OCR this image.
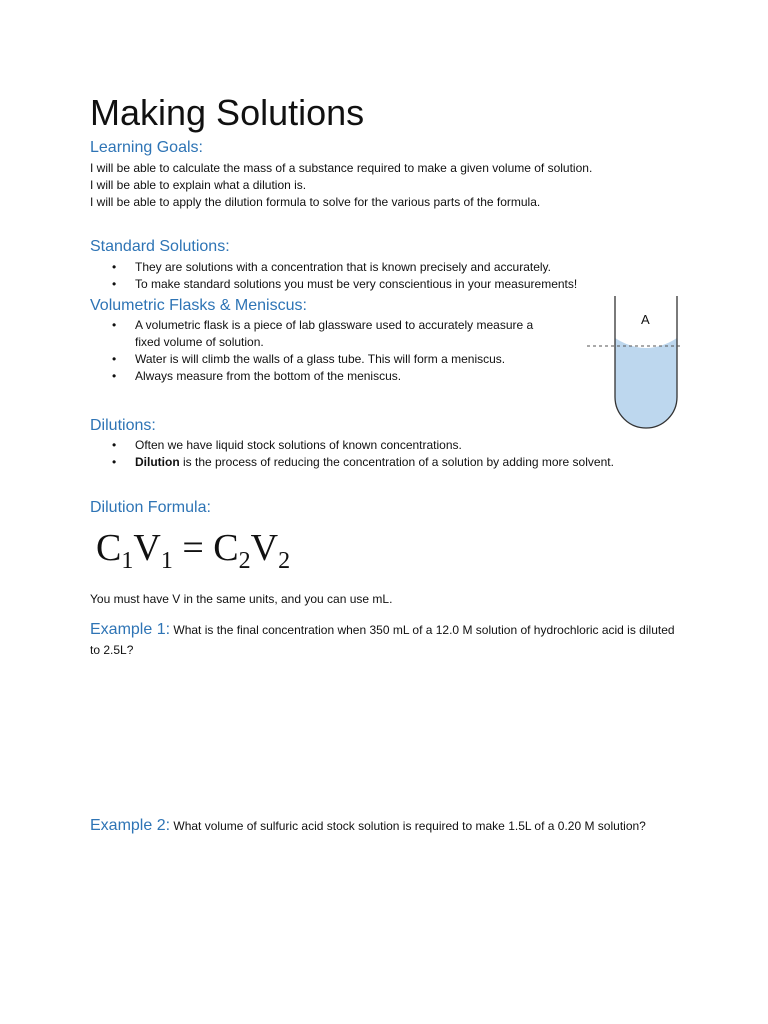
Making Solutions
Learning Goals:
I will be able to calculate the mass of a substance required to make a given volume of solution.
I will be able to explain what a dilution is.
I will be able to apply the dilution formula to solve for the various parts of the formula.
Standard Solutions:
• They are solutions with a concentration that is known precisely and accurately.
• To make standard solutions you must be very conscientious in your measurements!
Volumetric Flasks & Meniscus:
• A volumetric flask is a piece of lab glassware used to accurately measure a fixed volume of solution.
• Water is will climb the walls of a glass tube. This will form a meniscus.
• Always measure from the bottom of the meniscus.
A
Dilutions:
• Often we have liquid stock solutions of known concentrations.
• Dilution is the process of reducing the concentration of a solution by adding more solvent.
Dilution Formula:
$C_1V_1 = C_2V_2$
You must have V in the same units, and you can use mL.
Example 1: What is the final concentration when 350 mL of a 12.0 M solution of hydrochloric acid is diluted to 2.5L?
Example 2: What volume of sulfuric acid stock solution is required to make 1.5L of a 0.20 M solution?
